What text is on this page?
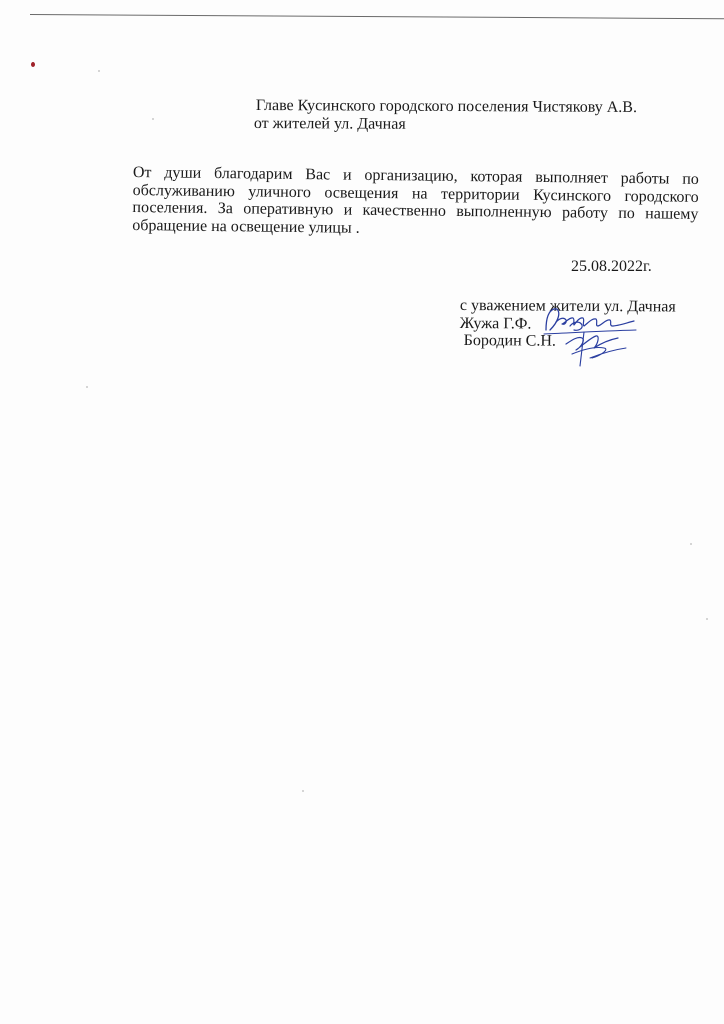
Главе Кусинского городского поселения Чистякову А.В.
от жителей ул. Дачная
От души благодарим Вас и организацию, которая выполняет работы по обслуживанию уличного освещения на территории Кусинского городского поселения. За оперативную и качественно выполненную работу по нашему обращение на освещение улицы .
25.08.2022г.
с уважением жители ул. Дачная
Жужа Г.Ф.
Бородин С.Н.
